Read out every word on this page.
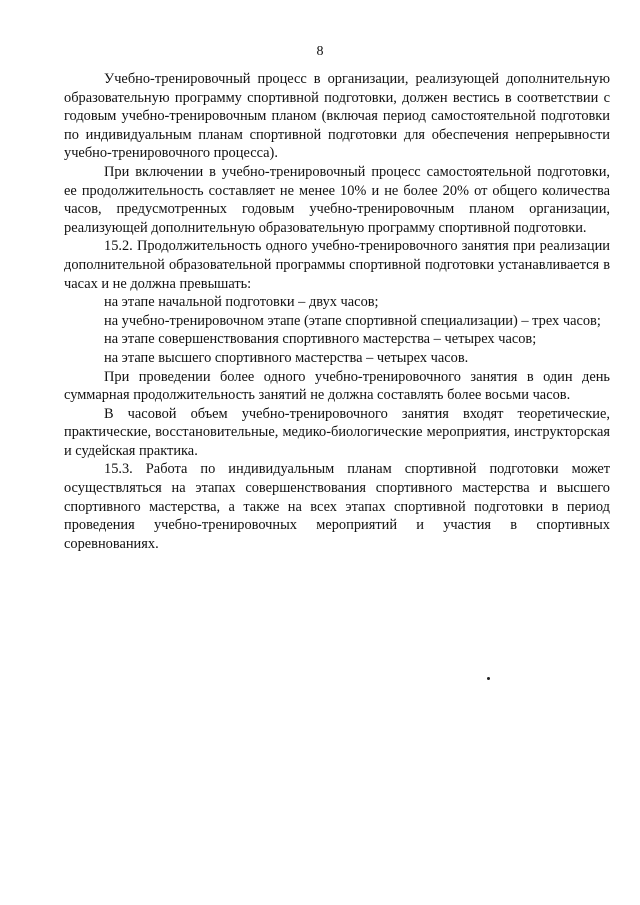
8

Учебно-тренировочный процесс в организации, реализующей дополнительную образовательную программу спортивной подготовки, должен вестись в соответствии с годовым учебно-тренировочным планом (включая период самостоятельной подготовки по индивидуальным планам спортивной подготовки для обеспечения непрерывности учебно-тренировочного процесса).

При включении в учебно-тренировочный процесс самостоятельной подготовки, ее продолжительность составляет не менее 10% и не более 20% от общего количества часов, предусмотренных годовым учебно-тренировочным планом организации, реализующей дополнительную образовательную программу спортивной подготовки.

15.2. Продолжительность одного учебно-тренировочного занятия при реализации дополнительной образовательной программы спортивной подготовки устанавливается в часах и не должна превышать:

на этапе начальной подготовки – двух часов;

на учебно-тренировочном этапе (этапе спортивной специализации) – трех часов;

на этапе совершенствования спортивного мастерства – четырех часов;

на этапе высшего спортивного мастерства – четырех часов.

При проведении более одного учебно-тренировочного занятия в один день суммарная продолжительность занятий не должна составлять более восьми часов.

В часовой объем учебно-тренировочного занятия входят теоретические, практические, восстановительные, медико-биологические мероприятия, инструкторская и судейская практика.

15.3. Работа по индивидуальным планам спортивной подготовки может осуществляться на этапах совершенствования спортивного мастерства и высшего спортивного мастерства, а также на всех этапах спортивной подготовки в период проведения учебно-тренировочных мероприятий и участия в спортивных соревнованиях.
